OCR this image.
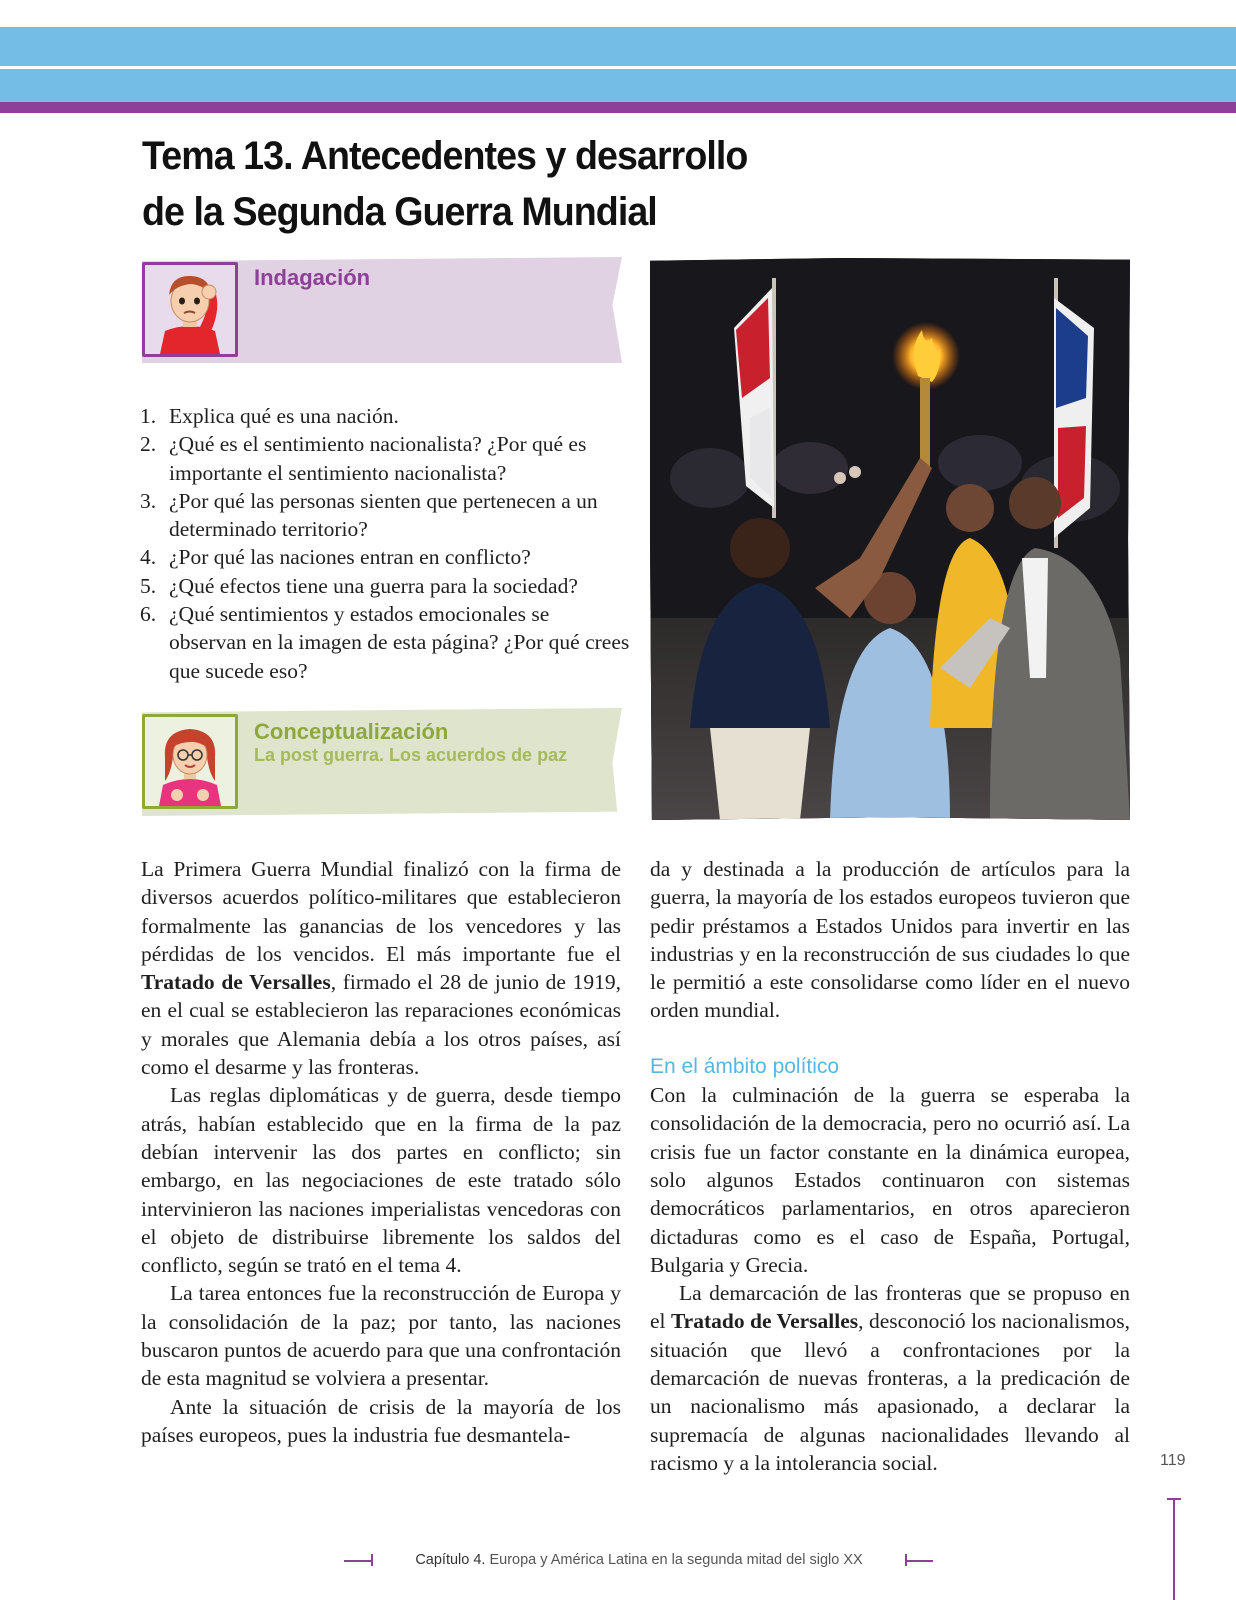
Tema 13. Antecedentes y desarrollo
de la Segunda Guerra Mundial
Indagación
1. Explica qué es una nación.
2. ¿Qué es el sentimiento nacionalista? ¿Por qué es importante el sentimiento nacionalista?
3. ¿Por qué las personas sienten que pertenecen a un determinado territorio?
4. ¿Por qué las naciones entran en conflicto?
5. ¿Qué efectos tiene una guerra para la sociedad?
6. ¿Qué sentimientos y estados emocionales se observan en la imagen de esta página? ¿Por qué crees que sucede eso?
Conceptualización
La post guerra. Los acuerdos de paz

La Primera Guerra Mundial finalizó con la firma de diversos acuerdos político-militares que establecieron formalmente las ganancias de los vencedores y las pérdidas de los vencidos. El más importante fue el Tratado de Versalles, firmado el 28 de junio de 1919, en el cual se establecieron las reparaciones económicas y morales que Alemania debía a los otros países, así como el desarme y las fronteras.

Las reglas diplomáticas y de guerra, desde tiempo atrás, habían establecido que en la firma de la paz debían intervenir las dos partes en conflicto; sin embargo, en las negociaciones de este tratado sólo intervinieron las naciones imperialistas vencedoras con el objeto de distribuirse libremente los saldos del conflicto, según se trató en el tema 4.

La tarea entonces fue la reconstrucción de Europa y la consolidación de la paz; por tanto, las naciones buscaron puntos de acuerdo para que una confrontación de esta magnitud se volviera a presentar.

Ante la situación de crisis de la mayoría de los países europeos, pues la industria fue desmantela-

da y destinada a la producción de artículos para la guerra, la mayoría de los estados europeos tuvieron que pedir préstamos a Estados Unidos para invertir en las industrias y en la reconstrucción de sus ciudades lo que le permitió a este consolidarse como líder en el nuevo orden mundial.

En el ámbito político

Con la culminación de la guerra se esperaba la consolidación de la democracia, pero no ocurrió así. La crisis fue un factor constante en la dinámica europea, solo algunos Estados continuaron con sistemas democráticos parlamentarios, en otros aparecieron dictaduras como es el caso de España, Portugal, Bulgaria y Grecia.

La demarcación de las fronteras que se propuso en el Tratado de Versalles, desconoció los nacionalismos, situación que llevó a confrontaciones por la demarcación de nuevas fronteras, a la predicación de un nacionalismo más apasionado, a declarar la supremacía de algunas nacionalidades llevando al racismo y a la intolerancia social.	119
Capítulo 4. Europa y América Latina en la segunda mitad del siglo XX
